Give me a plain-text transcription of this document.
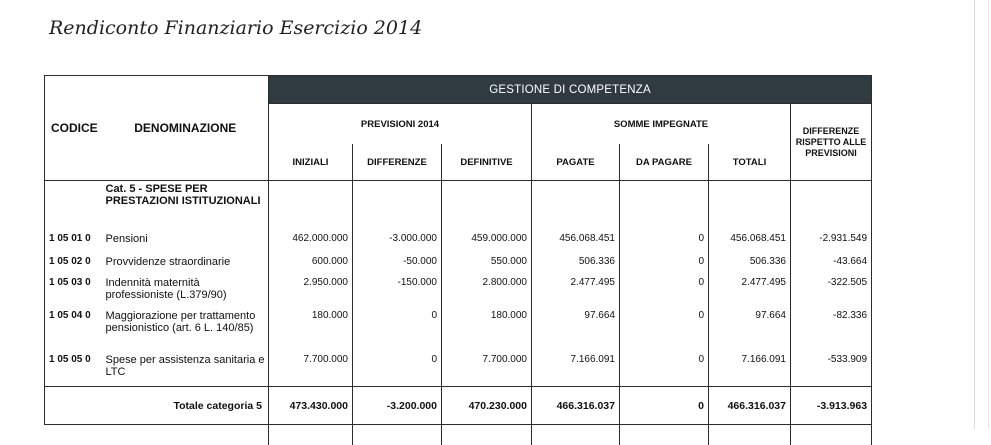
Rendiconto Finanziario Esercizio 2014
CODICE	DENOMINAZIONE	GESTIONE DI COMPETENZA						
		PREVISIONI 2014			SOMME IMPEGNATE			DIFFERENZE RISPETTO ALLE PREVISIONI
		INIZIALI	DIFFERENZE	DEFINITIVE	PAGATE	DA PAGARE	TOTALI	
	Cat. 5 - SPESE PER PRESTAZIONI ISTITUZIONALI							
1 05 01 0	Pensioni	462.000.000	-3.000.000	459.000.000	456.068.451	0	456.068.451	-2.931.549
1 05 02 0	Provvidenze straordinarie	600.000	-50.000	550.000	506.336	0	506.336	-43.664
1 05 03 0	Indennità maternità professioniste (L.379/90)	2.950.000	-150.000	2.800.000	2.477.495	0	2.477.495	-322.505
1 05 04 0	Maggiorazione per trattamento pensionistico (art. 6 L. 140/85)	180.000	0	180.000	97.664	0	97.664	-82.336
1 05 05 0	Spese per assistenza sanitaria e LTC	7.700.000	0	7.700.000	7.166.091	0	7.166.091	-533.909
	Totale categoria 5	473.430.000	-3.200.000	470.230.000	466.316.037	0	466.316.037	-3.913.963
